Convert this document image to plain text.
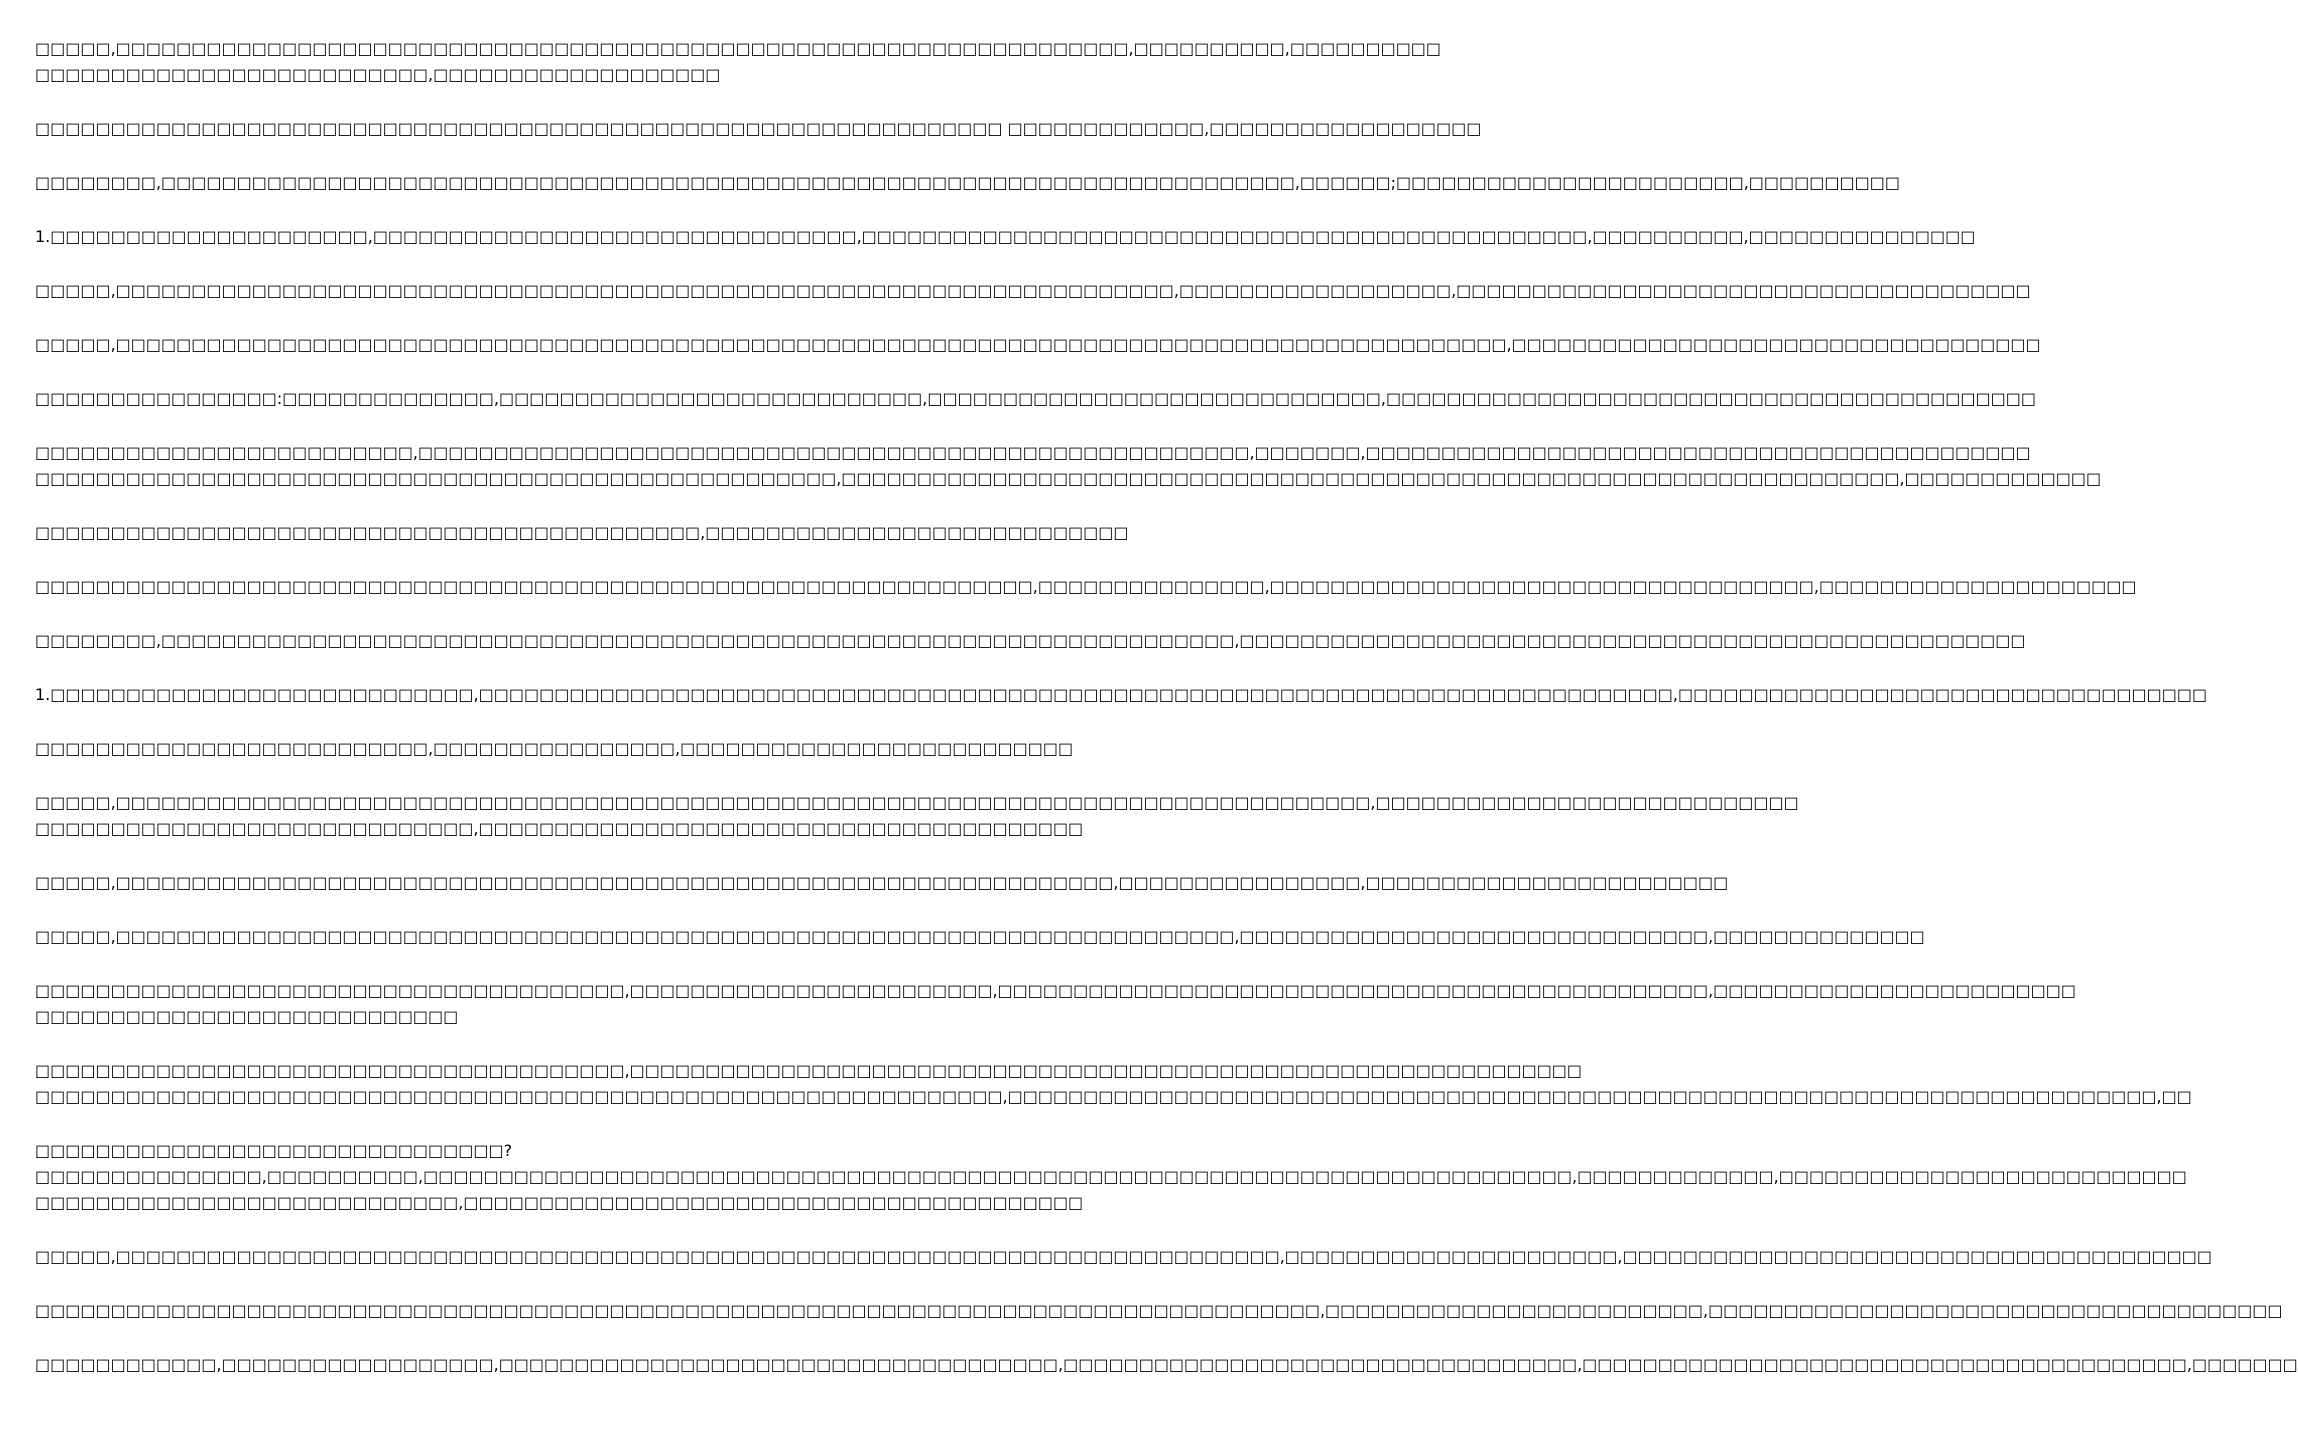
□□□□□,□□□□□□□□□□□□□□□□□□□□□□□□□□□□□□□□□□□□□□□□□□□□□□□□□□□□□□□□□□□□□□□□□□□,□□□□□□□□□□,□□□□□□□□□□
□□□□□□□□□□□□□□□□□□□□□□□□□□,□□□□□□□□□□□□□□□□□□□
□□□□□□□□□□□□□□□□□□□□□□□□□□□□□□□□□□□□□□□□□□□□□□□□□□□□□□□□□□□□□□□□ □□□□□□□□□□□□□,□□□□□□□□□□□□□□□□□□
□□□□□□□□,□□□□□□□□□□□□□□□□□□□□□□□□□□□□□□□□□□□□□□□□□□□□□□□□□□□□□□□□□□□□□□□□□□□□□□□□□□□,□□□□□□;□□□□□□□□□□□□□□□□□□□□□□□,□□□□□□□□□□
1.□□□□□□□□□□□□□□□□□□□□□,□□□□□□□□□□□□□□□□□□□□□□□□□□□□□□□□,□□□□□□□□□□□□□□□□□□□□□□□□□□□□□□□□□□□□□□□□□□□□□□□□,□□□□□□□□□□,□□□□□□□□□□□□□□□
□□□□□,□□□□□□□□□□□□□□□□□□□□□□□□□□□□□□□□□□□□□□□□□□□□□□□□□□□□□□□□□□□□□□□□□□□□□□,□□□□□□□□□□□□□□□□□□,□□□□□□□□□□□□□□□□□□□□□□□□□□□□□□□□□□□□□□
□□□□□,□□□□□□□□□□□□□□□□□□□□□□□□□□□□□□□□□□□□□□□□□□□□□□□□□□□□□□□□□□□□□□□□□□□□□□□□□□□□□□□□□□□□□□□□□□□□,□□□□□□□□□□□□□□□□□□□□□□□□□□□□□□□□□□□
□□□□□□□□□□□□□□□□:□□□□□□□□□□□□□□,□□□□□□□□□□□□□□□□□□□□□□□□□□□□,□□□□□□□□□□□□□□□□□□□□□□□□□□□□□□,□□□□□□□□□□□□□□□□□□□□□□□□□□□□□□□□□□□□□□□□□□□
□□□□□□□□□□□□□□□□□□□□□□□□□,□□□□□□□□□□□□□□□□□□□□□□□□□□□□□□□□□□□□□□□□□□□□□□□□□□□□□□□,□□□□□□□,□□□□□□□□□□□□□□□□□□□□□□□□□□□□□□□□□□□□□□□□□□□□
□□□□□□□□□□□□□□□□□□□□□□□□□□□□□□□□□□□□□□□□□□□□□□□□□□□□□,□□□□□□□□□□□□□□□□□□□□□□□□□□□□□□□□□□□□□□□□□□□□□□□□□□□□□□□□□□□□□□□□□□□□□□,□□□□□□□□□□□□□
□□□□□□□□□□□□□□□□□□□□□□□□□□□□□□□□□□□□□□□□□□□□,□□□□□□□□□□□□□□□□□□□□□□□□□□□□
□□□□□□□□□□□□□□□□□□□□□□□□□□□□□□□□□□□□□□□□□□□□□□□□□□□□□□□□□□□□□□□□□□,□□□□□□□□□□□□□□□,□□□□□□□□□□□□□□□□□□□□□□□□□□□□□□□□□□□□,□□□□□□□□□□□□□□□□□□□□□
□□□□□□□□,□□□□□□□□□□□□□□□□□□□□□□□□□□□□□□□□□□□□□□□□□□□□□□□□□□□□□□□□□□□□□□□□□□□□□□□,□□□□□□□□□□□□□□□□□□□□□□□□□□□□□□□□□□□□□□□□□□□□□□□□□□□□
1.□□□□□□□□□□□□□□□□□□□□□□□□□□□□,□□□□□□□□□□□□□□□□□□□□□□□□□□□□□□□□□□□□□□□□□□□□□□□□□□□□□□□□□□□□□□□□□□□□□□□□□□□□□□□,□□□□□□□□□□□□□□□□□□□□□□□□□□□□□□□□□□□
□□□□□□□□□□□□□□□□□□□□□□□□□□,□□□□□□□□□□□□□□□□,□□□□□□□□□□□□□□□□□□□□□□□□□□
□□□□□,□□□□□□□□□□□□□□□□□□□□□□□□□□□□□□□□□□□□□□□□□□□□□□□□□□□□□□□□□□□□□□□□□□□□□□□□□□□□□□□□□□□,□□□□□□□□□□□□□□□□□□□□□□□□□□□□
□□□□□□□□□□□□□□□□□□□□□□□□□□□□□,□□□□□□□□□□□□□□□□□□□□□□□□□□□□□□□□□□□□□□□□
□□□□□,□□□□□□□□□□□□□□□□□□□□□□□□□□□□□□□□□□□□□□□□□□□□□□□□□□□□□□□□□□□□□□□□□□,□□□□□□□□□□□□□□□□,□□□□□□□□□□□□□□□□□□□□□□□□
□□□□□,□□□□□□□□□□□□□□□□□□□□□□□□□□□□□□□□□□□□□□□□□□□□□□□□□□□□□□□□□□□□□□□□□□□□□□□□□□,□□□□□□□□□□□□□□□□□□□□□□□□□□□□□□□,□□□□□□□□□□□□□□
□□□□□□□□□□□□□□□□□□□□□□□□□□□□□□□□□□□□□□□,□□□□□□□□□□□□□□□□□□□□□□□□,□□□□□□□□□□□□□□□□□□□□□□□□□□□□□□□□□□□□□□□□□□□□□□□,□□□□□□□□□□□□□□□□□□□□□□□□
□□□□□□□□□□□□□□□□□□□□□□□□□□□□
□□□□□□□□□□□□□□□□□□□□□□□□□□□□□□□□□□□□□□□,□□□□□□□□□□□□□□□□□□□□□□□□□□□□□□□□□□□□□□□□□□□□□□□□□□□□□□□□□□□□□□□
□□□□□□□□□□□□□□□□□□□□□□□□□□□□□□□□□□□□□□□□□□□□□□□□□□□□□□□□□□□□□□□□,□□□□□□□□□□□□□□□□□□□□□□□□□□□□□□□□□□□□□□□□□□□□□□□□□□□□□□□□□□□□□□□□□□□□□□□□□□□□,□□
□□□□□□□□□□□□□□□□□□□□□□□□□□□□□□□?
□□□□□□□□□□□□□□□,□□□□□□□□□□,□□□□□□□□□□□□□□□□□□□□□□□□□□□□□□□□□□□□□□□□□□□□□□□□□□□□□□□□□□□□□□□□□□□□□□□□□□□□,□□□□□□□□□□□□□,□□□□□□□□□□□□□□□□□□□□□□□□□□□
□□□□□□□□□□□□□□□□□□□□□□□□□□□□,□□□□□□□□□□□□□□□□□□□□□□□□□□□□□□□□□□□□□□□□□
□□□□□,□□□□□□□□□□□□□□□□□□□□□□□□□□□□□□□□□□□□□□□□□□□□□□□□□□□□□□□□□□□□□□□□□□□□□□□□□□□□□,□□□□□□□□□□□□□□□□□□□□□□,□□□□□□□□□□□□□□□□□□□□□□□□□□□□□□□□□□□□□□□
□□□□□□□□□□□□□□□□□□□□□□□□□□□□□□□□□□□□□□□□□□□□□□□□□□□□□□□□□□□□□□□□□□□□□□□□□□□□□□□□□□□□□,□□□□□□□□□□□□□□□□□□□□□□□□□,□□□□□□□□□□□□□□□□□□□□□□□□□□□□□□□□□□□□□□
□□□□□□□□□□□□,□□□□□□□□□□□□□□□□□□,□□□□□□□□□□□□□□□□□□□□□□□□□□□□□□□□□□□□□,□□□□□□□□□□□□□□□□□□□□□□□□□□□□□□□□□□,□□□□□□□□□□□□□□□□□□□□□□□□□□□□□□□□□□□□□□□□,□□□□□□□
